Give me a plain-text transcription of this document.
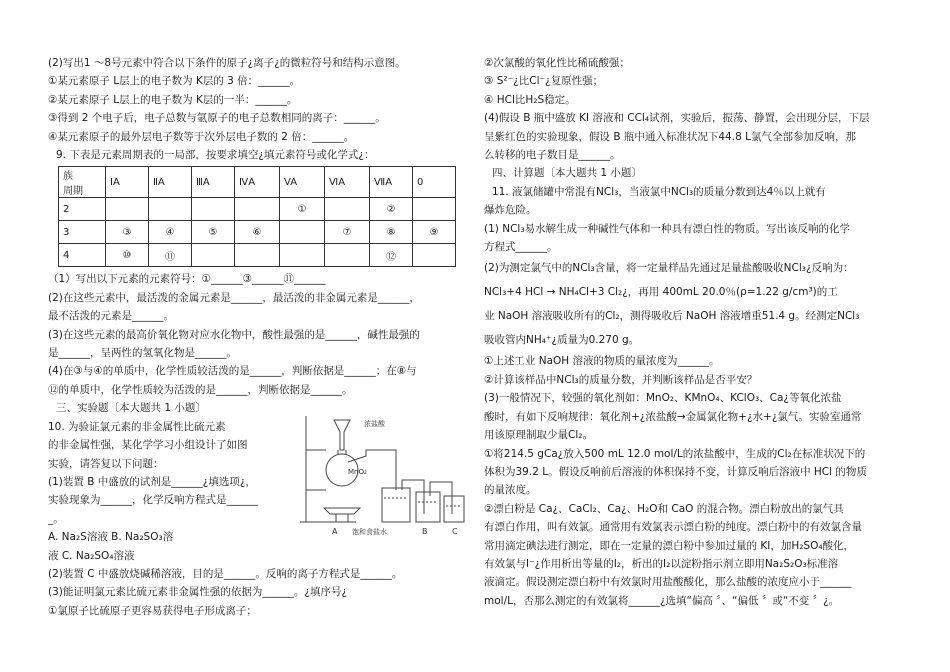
(2)写出1 ～8号元素中符合以下条件的原子¿离子¿的微粒符号和结构示意图。
①某元素原子 L层上的电子数为 K层的 3 倍：______。
②某元素原子 L层上的电子数为 K层的一半：______。
③得到 2 个电子后，电子总数与氩原子的电子总数相同的离子：______。
④某元素原子的最外层电子数等于次外层电子数的 2 倍：______。
9. 下表是元素周期表的一局部，按要求填空¿填元素符号或化学式¿：
族
周期	IA	ⅡA	ⅢA	ⅣA	VA	ⅥA	ⅦA	0
2					①		②	
3	③	④	⑤	⑥		⑦	⑧	⑨
4	⑩	⑪					⑫	
（1）写出以下元素的元素符号：①______③______⑪______
(2)在这些元素中，最活泼的金属元素是______，最活泼的非金属元素是______，
最不活泼的元素是______。
(3)在这些元素的最高价氧化物对应水化物中，酸性最强的是______，碱性最强的
是______，呈两性的氢氧化物是______。
(4)在③与④的单质中，化学性质较活泼的是______，判断依据是______；在⑧与
⑫的单质中，化学性质较为活泼的是______，判断依据是______。
三、实验题〔本大题共 1 小题〕
10. 为验证氯元素的非金属性比硫元素
的非金属性强，某化学学习小组设计了如图
实验，请答复以下问题：
(1)装置 B 中盛放的试剂是______¿填选项¿，
实验现象为______，化学反响方程式是______
_。
A. Na₂S溶液 B. Na₂SO₃溶
液 C. Na₂SO₄溶液
(2)装置 C 中盛放烧碱稀溶液，目的是______。反响的离子方程式是______。
(3)能证明氯元素比硫元素非金属性强的依据为______。¿填序号¿
①氯原子比硫原子更容易获得电子形成离子；
浓盐酸
MnO₂
饱和食盐水
A	B	C
②次氯酸的氧化性比稀硫酸强；
③ S²⁻¿比Cl⁻¿复原性强；
④ HCl比H₂S稳定。
(4)假设 B 瓶中盛放 KI 溶液和 CCl₄试剂，实验后，振荡、静置，会出现分层，下层
呈紫红色的实验现象，假设 B 瓶中通入标准状况下44.8 L氯气全部参加反响，那
么转移的电子数目是______。
四、计算题〔本大题共 1 小题〕
11. 液氯储罐中常混有NCl₃，当液氯中NCl₃的质量分数到达4％以上就有
爆炸危险。
(1) NCl₃易水解生成一种碱性气体和一种具有漂白性的物质。写出该反响的化学
方程式______。
(2)为测定氯气中的NCl₃含量，将一定量样品先通过足量盐酸吸收NCl₃¿反响为：
NCl₃+4 HCl → NH₄Cl+3 Cl₂¿，再用 400mL 20.0％(ρ=1.22 g/cm³)的工
业 NaOH 溶液吸收所有的Cl₂，测得吸收后 NaOH 溶液增重51.4 g。经测定NCl₃
吸收管内NH₄⁺¿质量为0.270 g。
①上述工业 NaOH 溶液的物质的量浓度为______。
②计算该样品中NCl₃的质量分数，并判断该样品是否平安？
(3)一般情况下，较强的氧化剂如：MnO₂、KMnO₄、KClO₃、Ca¿等氧化浓盐
酸时，有如下反响规律：氧化剂+¿浓盐酸→金属氯化物+¿水+¿氯气。实验室通常
用该原理制取少量Cl₂。
①将214.5 gCa¿放入500 mL 12.0 mol/L的浓盐酸中，生成的Cl₂在标准状况下的
体积为39.2 L。假设反响前后溶液的体积保持不变，计算反响后溶液中 HCl 的物质
的量浓度。
②漂白粉是 Ca¿、CaCl₂、Ca¿、H₂O和 CaO 的混合物。漂白粉放出的氯气具
有漂白作用，叫有效氯。通常用有效氯表示漂白粉的纯度。漂白粉中的有效氯含量
常用滴定碘法进行测定，即在一定量的漂白粉中参加过量的 KI，加H₂SO₄酸化，
有效氯与I⁻¿作用析出等量的I₂，析出的I₂以淀粉指示剂立即用Na₂S₂O₃标准溶
液滴定。假设测定漂白粉中有效氯时用盐酸酸化，那么盐酸的浓度应小于______
mol/L，否那么测定的有效氯将______¿选填“偏高 〞、“偏低 〞或“不变 〞¿。
